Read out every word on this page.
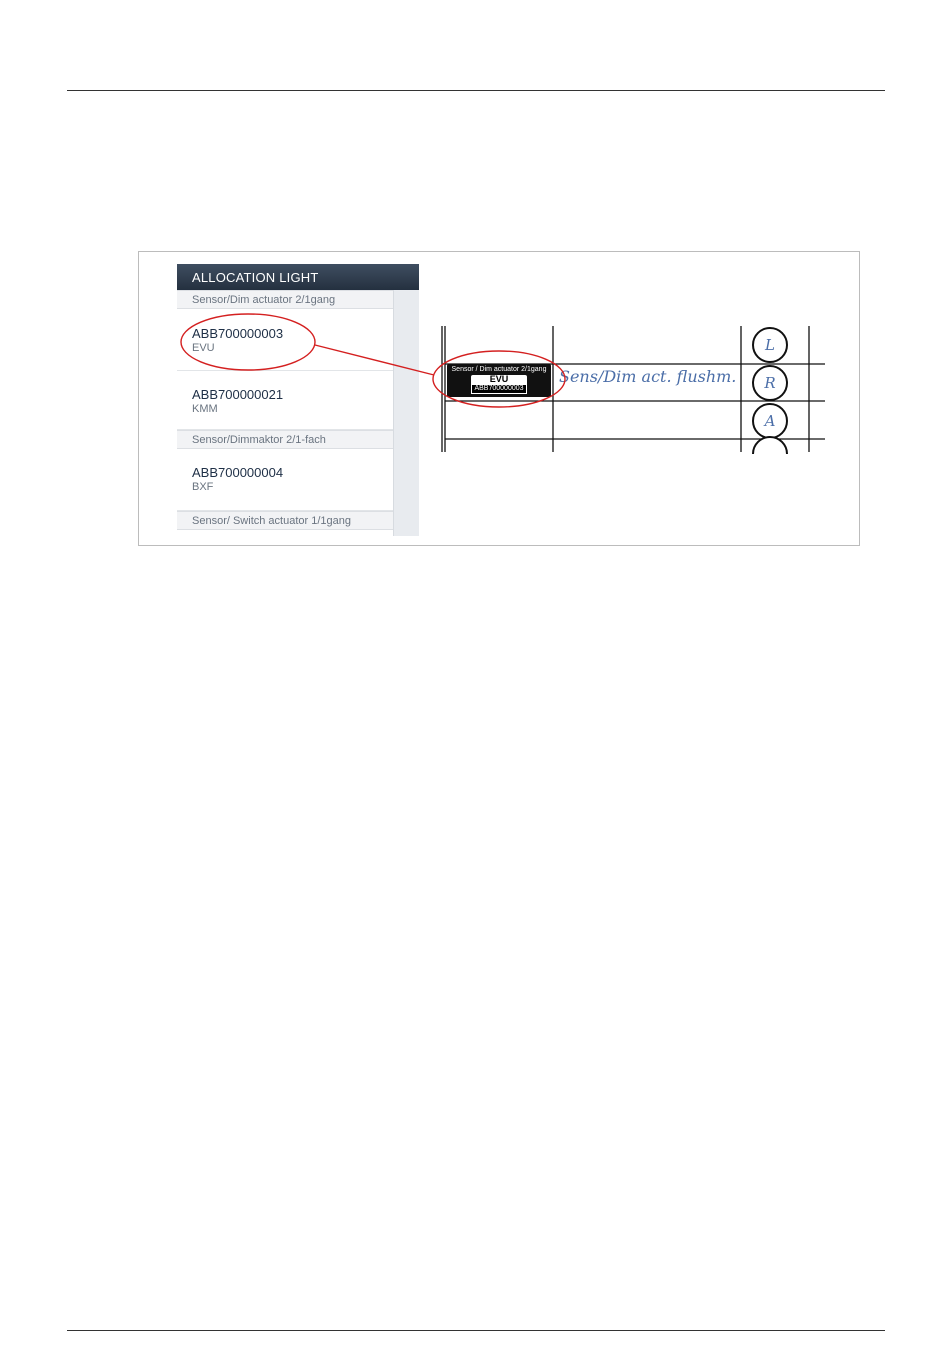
ALLOCATION LIGHT
Sensor/Dim actuator 2/1gang
ABB700000003
EVU
ABB700000021
KMM
Sensor/Dimmaktor 2/1-fach
ABB700000004
BXF
Sensor/ Switch actuator 1/1gang
L
R
A
Sensor / Dim actuator 2/1gang
EVU
ABB700000003
Sens/Dim act. flushm.
